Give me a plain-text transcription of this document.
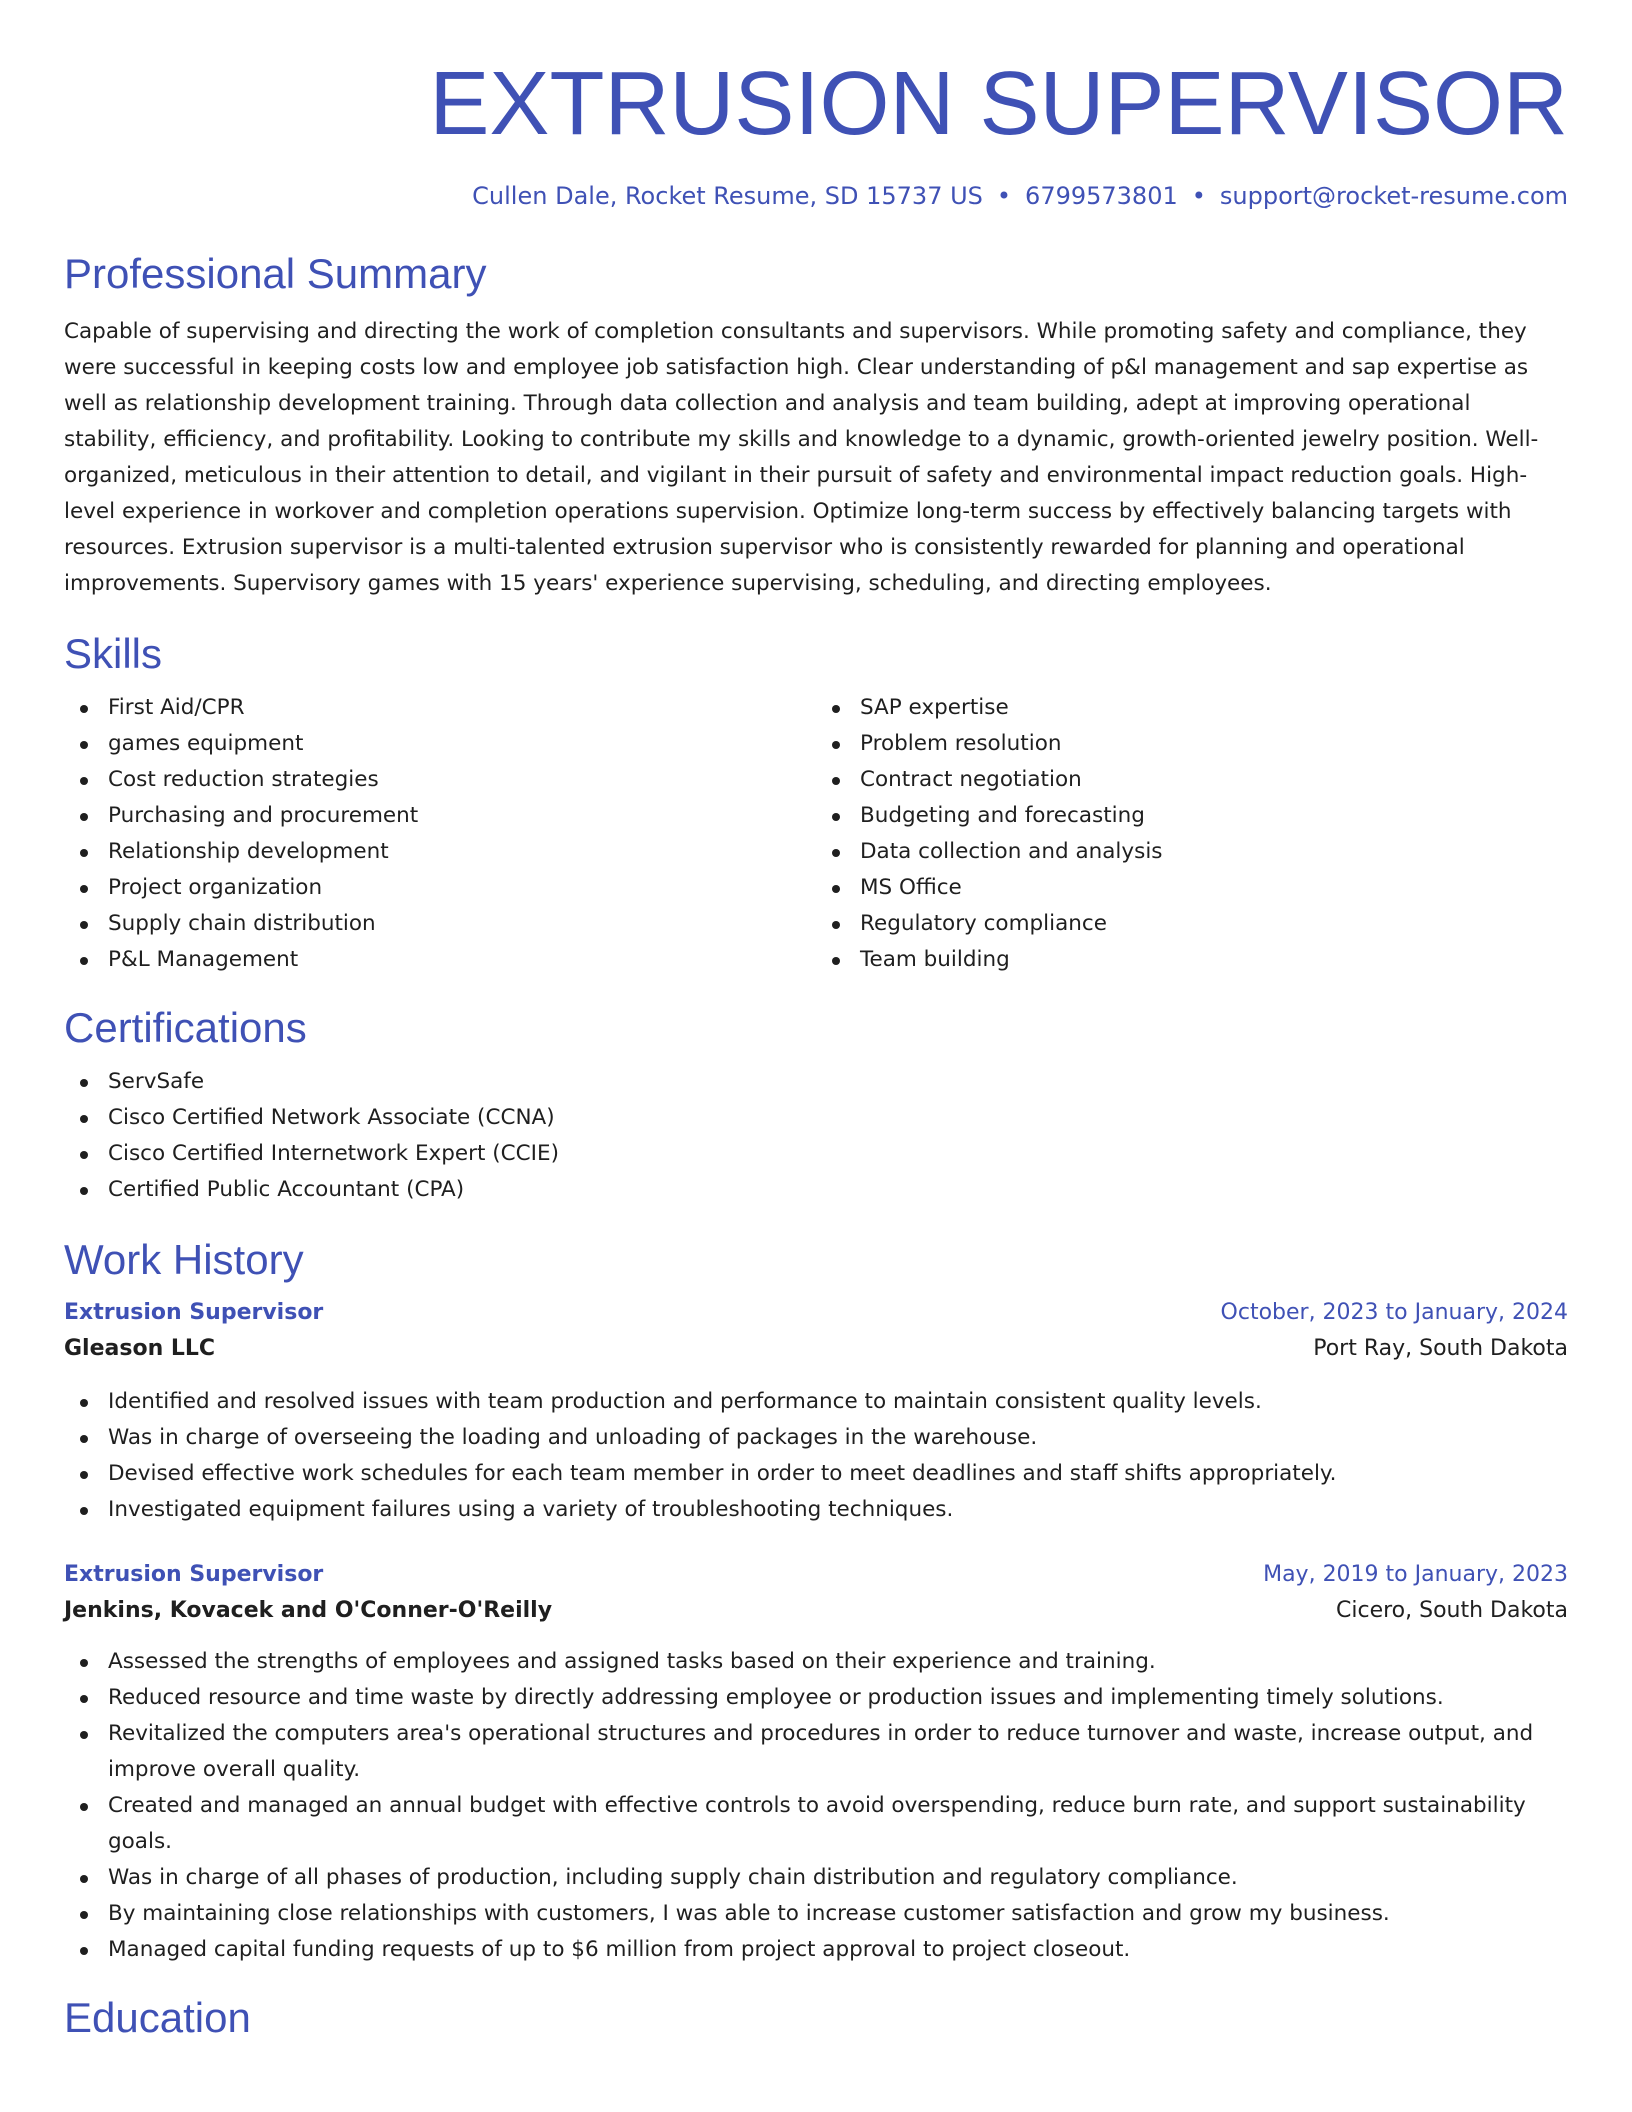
EXTRUSION SUPERVISOR
Cullen Dale, Rocket Resume, SD 15737 US • 6799573801 • support@rocket-resume.com
Professional Summary

Capable of supervising and directing the work of completion consultants and supervisors. While promoting safety and compliance, they were successful in keeping costs low and employee job satisfaction high. Clear understanding of p&l management and sap expertise as well as relationship development training. Through data collection and analysis and team building, adept at improving operational stability, efficiency, and profitability. Looking to contribute my skills and knowledge to a dynamic, growth-oriented jewelry position. Well-organized, meticulous in their attention to detail, and vigilant in their pursuit of safety and environmental impact reduction goals. High-level experience in workover and completion operations supervision. Optimize long-term success by effectively balancing targets with resources. Extrusion supervisor is a multi-talented extrusion supervisor who is consistently rewarded for planning and operational improvements. Supervisory games with 15 years' experience supervising, scheduling, and directing employees.

Skills
First Aid/CPR
games equipment
Cost reduction strategies
Purchasing and procurement
Relationship development
Project organization
Supply chain distribution
P&L Management
SAP expertise
Problem resolution
Contract negotiation
Budgeting and forecasting
Data collection and analysis
MS Office
Regulatory compliance
Team building
Certifications
ServSafe
Cisco Certified Network Associate (CCNA)
Cisco Certified Internetwork Expert (CCIE)
Certified Public Accountant (CPA)
Work History
Extrusion Supervisor	October, 2023 to January, 2024
Gleason LLC	Port Ray, South Dakota
Identified and resolved issues with team production and performance to maintain consistent quality levels.
Was in charge of overseeing the loading and unloading of packages in the warehouse.
Devised effective work schedules for each team member in order to meet deadlines and staff shifts appropriately.
Investigated equipment failures using a variety of troubleshooting techniques.
Extrusion Supervisor	May, 2019 to January, 2023
Jenkins, Kovacek and O'Conner-O'Reilly	Cicero, South Dakota
Assessed the strengths of employees and assigned tasks based on their experience and training.
Reduced resource and time waste by directly addressing employee or production issues and implementing timely solutions.
Revitalized the computers area's operational structures and procedures in order to reduce turnover and waste, increase output, and improve overall quality.
Created and managed an annual budget with effective controls to avoid overspending, reduce burn rate, and support sustainability goals.
Was in charge of all phases of production, including supply chain distribution and regulatory compliance.
By maintaining close relationships with customers, I was able to increase customer satisfaction and grow my business.
Managed capital funding requests of up to $6 million from project approval to project closeout.
Education
